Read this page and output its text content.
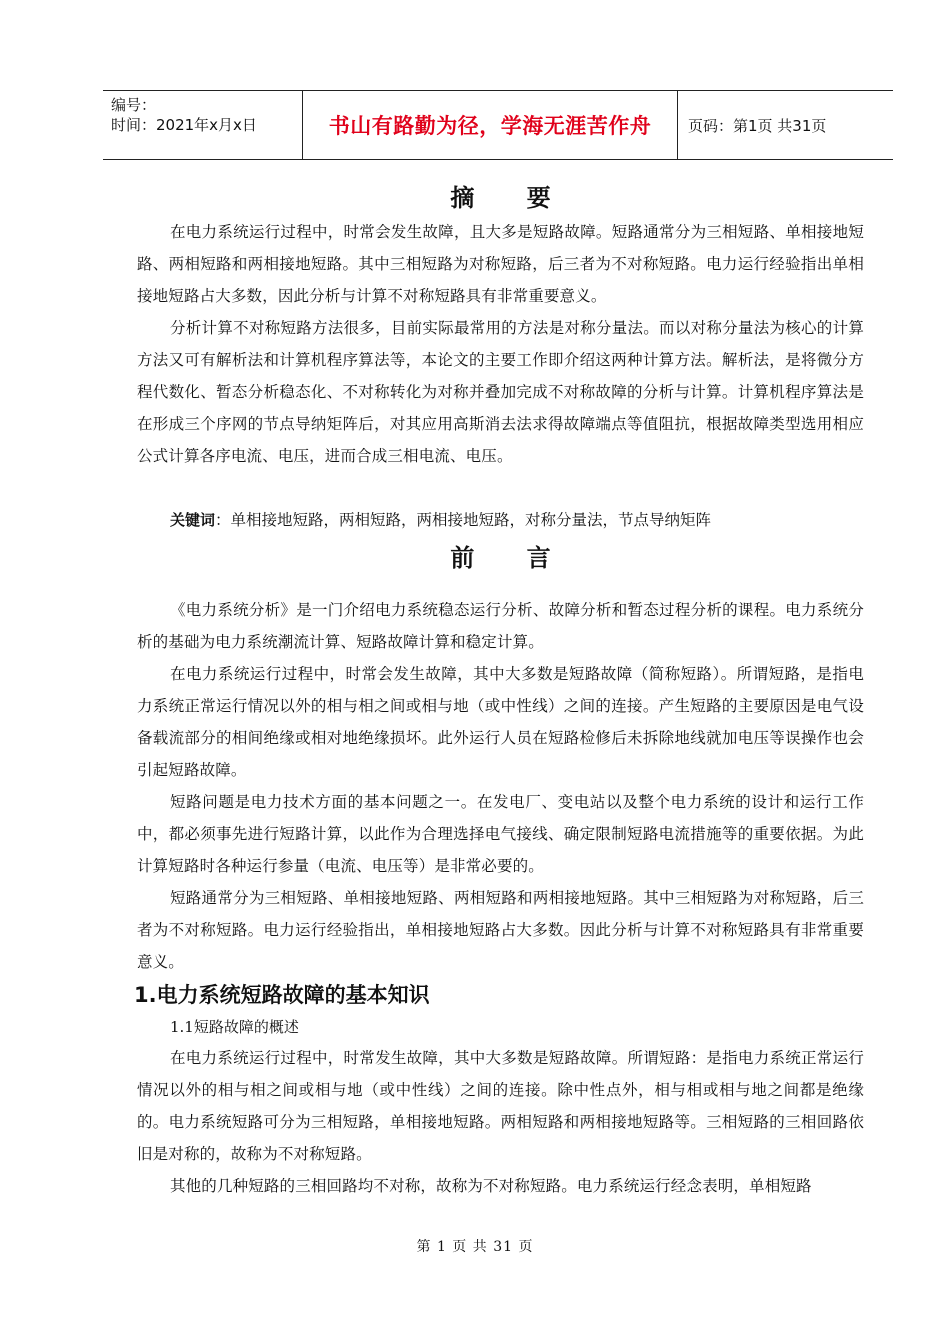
编号：
时间：2021年x月x日	书山有路勤为径，学海无涯苦作舟	页码：第1页 共31页
摘 要

在电力系统运行过程中，时常会发生故障，且大多是短路故障。短路通常分为三相短路、单相接地短路、两相短路和两相接地短路。其中三相短路为对称短路，后三者为不对称短路。电力运行经验指出单相接地短路占大多数，因此分析与计算不对称短路具有非常重要意义。

分析计算不对称短路方法很多，目前实际最常用的方法是对称分量法。而以对称分量法为核心的计算方法又可有解析法和计算机程序算法等，本论文的主要工作即介绍这两种计算方法。解析法，是将微分方程代数化、暂态分析稳态化、不对称转化为对称并叠加完成不对称故障的分析与计算。计算机程序算法是在形成三个序网的节点导纳矩阵后，对其应用高斯消去法求得故障端点等值阻抗，根据故障类型选用相应公式计算各序电流、电压，进而合成三相电流、电压。

关键词：单相接地短路，两相短路，两相接地短路，对称分量法，节点导纳矩阵

前 言

《电力系统分析》是一门介绍电力系统稳态运行分析、故障分析和暂态过程分析的课程。电力系统分析的基础为电力系统潮流计算、短路故障计算和稳定计算。

在电力系统运行过程中，时常会发生故障，其中大多数是短路故障（简称短路）。所谓短路，是指电力系统正常运行情况以外的相与相之间或相与地（或中性线）之间的连接。产生短路的主要原因是电气设备载流部分的相间绝缘或相对地绝缘损坏。此外运行人员在短路检修后未拆除地线就加电压等误操作也会引起短路故障。

短路问题是电力技术方面的基本问题之一。在发电厂、变电站以及整个电力系统的设计和运行工作中，都必须事先进行短路计算，以此作为合理选择电气接线、确定限制短路电流措施等的重要依据。为此计算短路时各种运行参量（电流、电压等）是非常必要的。

短路通常分为三相短路、单相接地短路、两相短路和两相接地短路。其中三相短路为对称短路，后三者为不对称短路。电力运行经验指出，单相接地短路占大多数。因此分析与计算不对称短路具有非常重要意义。

1.电力系统短路故障的基本知识
1.1短路故障的概述

在电力系统运行过程中，时常发生故障，其中大多数是短路故障。所谓短路：是指电力系统正常运行情况以外的相与相之间或相与地（或中性线）之间的连接。除中性点外，相与相或相与地之间都是绝缘的。电力系统短路可分为三相短路，单相接地短路。两相短路和两相接地短路等。三相短路的三相回路依旧是对称的，故称为不对称短路。

其他的几种短路的三相回路均不对称，故称为不对称短路。电力系统运行经念表明，单相短路

第 1 页 共 31 页
